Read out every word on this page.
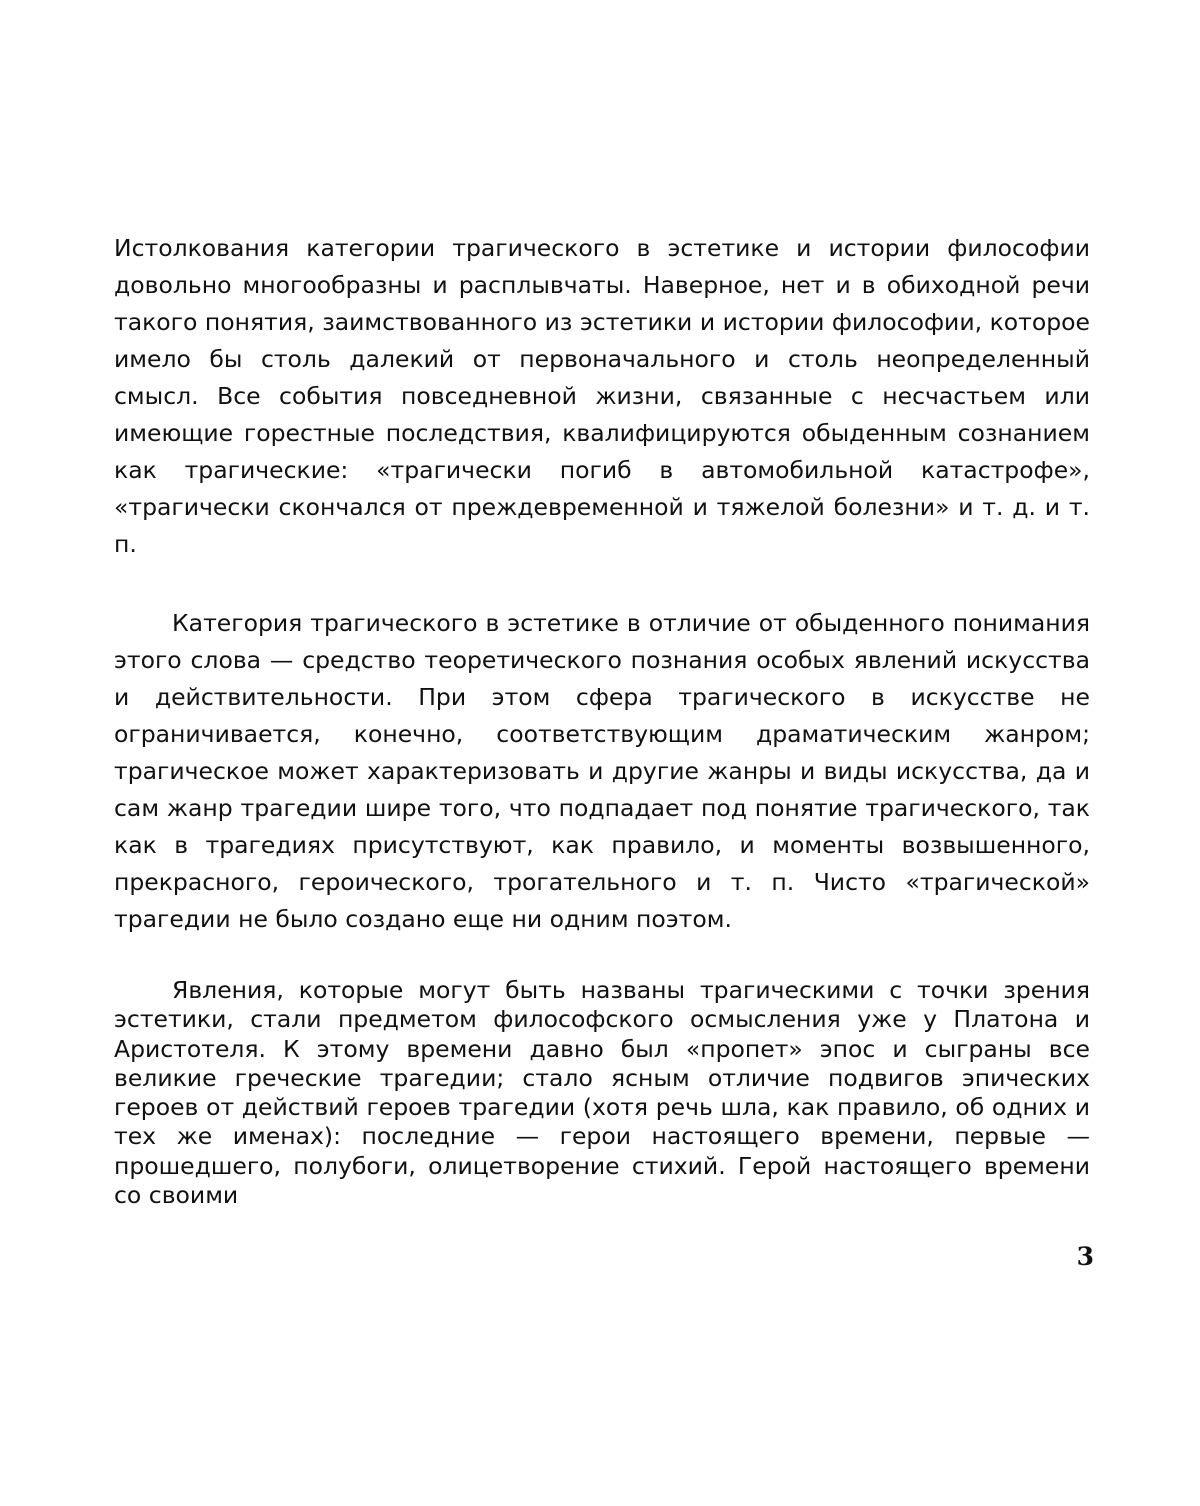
Истолкования категории трагического в эстетике и истории философии довольно многообразны и расплывчаты. Наверное, нет и в обиходной речи такого понятия, заимствованного из эстетики и истории философии, которое имело бы столь далекий от первоначального и столь неопределенный смысл. Все события повседневной жизни, связанные с несчастьем или имеющие горестные последствия, квалифицируются обыденным сознанием как трагические: «трагически погиб в автомобильной катастрофе», «трагически скончался от преждевременной и тяжелой болезни» и т. д. и т. п.

Категория трагического в эстетике в отличие от обыденного понимания этого слова — средство теоретического познания особых явлений искусства и действительности. При этом сфера трагического в искусстве не ограничивается, конечно, соответствующим драматическим жанром; трагическое может характеризовать и другие жанры и виды искусства, да и сам жанр трагедии шире того, что подпадает под понятие трагического, так как в трагедиях присутствуют, как правило, и моменты возвышенного, прекрасного, героического, трогательного и т. п. Чисто «трагической» трагедии не было создано еще ни одним поэтом.

Явления, которые могут быть названы трагическими с точки зрения эстетики, стали предметом философского осмысления уже у Платона и Аристотеля. К этому времени давно был «пропет» эпос и сыграны все великие греческие трагедии; стало ясным отличие подвигов эпических героев от действий героев трагедии (хотя речь шла, как правило, об одних и тех же именах): последние — герои настоящего времени, первые — прошедшего, полубоги, олицетворение стихий. Герой настоящего времени со своими

3
